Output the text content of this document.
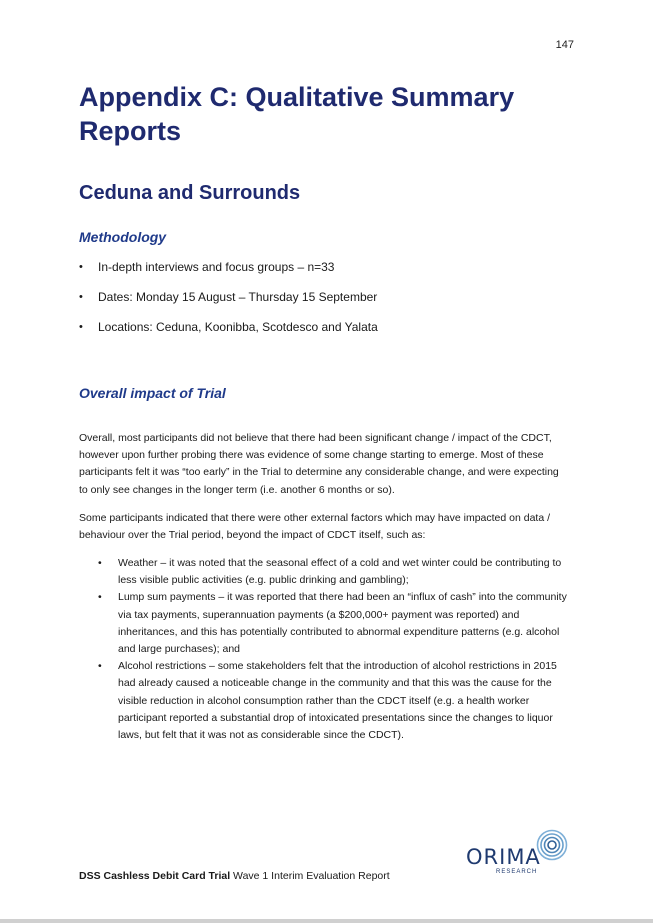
147
Appendix C: Qualitative Summary Reports
Ceduna and Surrounds
Methodology
• In-depth interviews and focus groups – n=33
• Dates: Monday 15 August – Thursday 15 September
• Locations: Ceduna, Koonibba, Scotdesco and Yalata
Overall impact of Trial

Overall, most participants did not believe that there had been significant change / impact of the CDCT, however upon further probing there was evidence of some change starting to emerge. Most of these participants felt it was “too early” in the Trial to determine any considerable change, and were expecting to only see changes in the longer term (i.e. another 6 months or so).

Some participants indicated that there were other external factors which may have impacted on data / behaviour over the Trial period, beyond the impact of CDCT itself, such as:

• Weather – it was noted that the seasonal effect of a cold and wet winter could be contributing to less visible public activities (e.g. public drinking and gambling);
• Lump sum payments – it was reported that there had been an “influx of cash” into the community via tax payments, superannuation payments (a $200,000+ payment was reported) and inheritances, and this has potentially contributed to abnormal expenditure patterns (e.g. alcohol and large purchases); and
• Alcohol restrictions – some stakeholders felt that the introduction of alcohol restrictions in 2015 had already caused a noticeable change in the community and that this was the cause for the visible reduction in alcohol consumption rather than the CDCT itself (e.g. a health worker participant reported a substantial drop of intoxicated presentations since the changes to liquor laws, but felt that it was not as considerable since the CDCT).
ORIMA
RESEARCH
DSS Cashless Debit Card Trial Wave 1 Interim Evaluation Report
